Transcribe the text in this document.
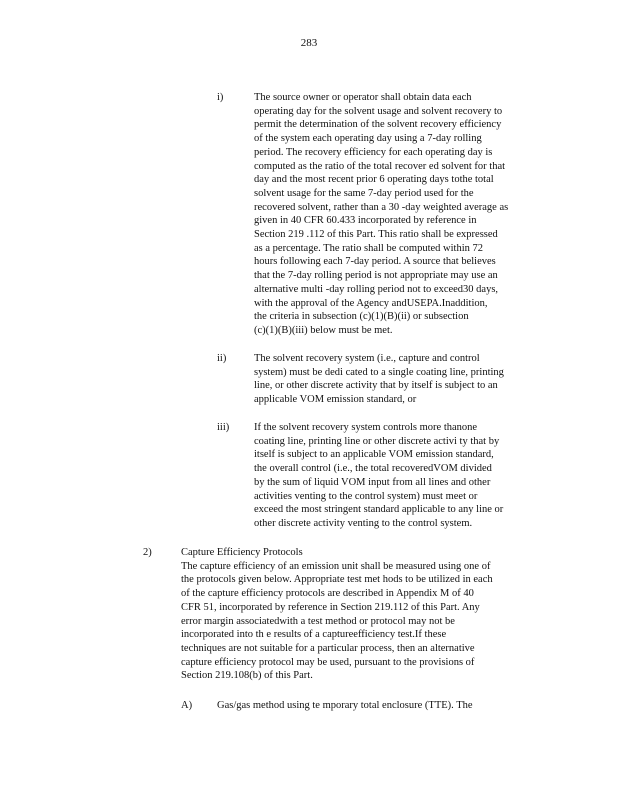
283
i)	The source owner or operator shall obtain data each
operating day for the solvent usage and solvent recovery to
permit the determination of the solvent recovery efficiency
of the system each operating day using a 7-day rolling
period. The recovery efficiency for each operating day is
computed as the ratio of the total recover ed solvent for that
day and the most recent prior 6 operating days tothe total
solvent usage for the same 7-day period used for the
recovered solvent, rather than a 30 -day weighted average as
given in 40 CFR 60.433 incorporated by reference in
Section 219 .112 of this Part. This ratio shall be expressed
as a percentage. The ratio shall be computed within 72
hours following each 7-day period. A source that believes
that the 7-day rolling period is not appropriate may use an
alternative multi -day rolling period not to exceed30 days,
with the approval of the Agency andUSEPA.Inaddition,
the criteria in subsection (c)(1)(B)(ii) or subsection
(c)(1)(B)(iii) below must be met.
ii)	The solvent recovery system (i.e., capture and control
system) must be dedi cated to a single coating line, printing
line, or other discrete activity that by itself is subject to an
applicable VOM emission standard, or
iii) If the solvent recovery system controls more thanone
coating line, printing line or other discrete activi ty that by
itself is subject to an applicable VOM emission standard,
the overall control (i.e., the total recoveredVOM divided
by the sum of liquid VOM input from all lines and other
activities venting to the control system) must meet or
exceed the most stringent standard applicable to any line or
other discrete activity venting to the control system.
2)	Capture Efficiency Protocols
The capture efficiency of an emission unit shall be measured using one of
the protocols given below. Appropriate test met hods to be utilized in each
of the capture efficiency protocols are described in Appendix M of 40
CFR 51, incorporated by reference in Section 219.112 of this Part. Any
error margin associatedwith a test method or protocol may not be
incorporated into th e results of a captureefficiency test.If these
techniques are not suitable for a particular process, then an alternative
capture efficiency protocol may be used, pursuant to the provisions of
Section 219.108(b) of this Part.
A) Gas/gas method using te mporary total enclosure (TTE). The
